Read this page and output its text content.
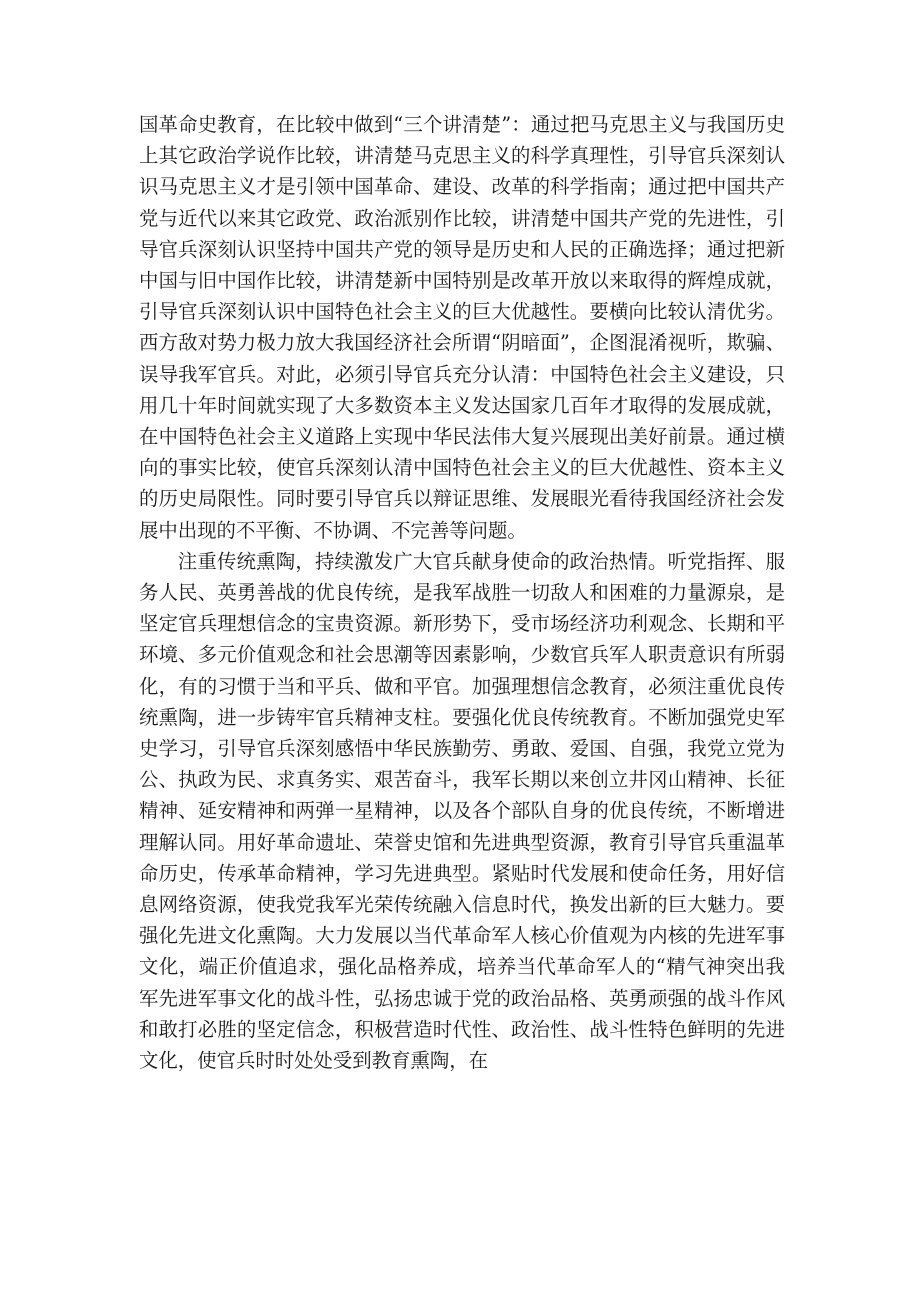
国革命史教育，在比较中做到“三个讲清楚”：通过把马克思主义与我国历史上其它政治学说作比较，讲清楚马克思主义的科学真理性，引导官兵深刻认识马克思主义才是引领中国革命、建设、改革的科学指南；通过把中国共产党与近代以来其它政党、政治派别作比较，讲清楚中国共产党的先进性，引导官兵深刻认识坚持中国共产党的领导是历史和人民的正确选择；通过把新中国与旧中国作比较，讲清楚新中国特别是改革开放以来取得的辉煌成就，引导官兵深刻认识中国特色社会主义的巨大优越性。要横向比较认清优劣。西方敌对势力极力放大我国经济社会所谓“阴暗面”，企图混淆视听，欺骗、误导我军官兵。对此，必须引导官兵充分认清：中国特色社会主义建设，只用几十年时间就实现了大多数资本主义发达国家几百年才取得的发展成就，在中国特色社会主义道路上实现中华民法伟大复兴展现出美好前景。通过横向的事实比较，使官兵深刻认清中国特色社会主义的巨大优越性、资本主义的历史局限性。同时要引导官兵以辩证思维、发展眼光看待我国经济社会发展中出现的不平衡、不协调、不完善等问题。

注重传统熏陶，持续激发广大官兵献身使命的政治热情。听党指挥、服务人民、英勇善战的优良传统，是我军战胜一切敌人和困难的力量源泉，是坚定官兵理想信念的宝贵资源。新形势下，受市场经济功利观念、长期和平环境、多元价值观念和社会思潮等因素影响，少数官兵军人职责意识有所弱化，有的习惯于当和平兵、做和平官。加强理想信念教育，必须注重优良传统熏陶，进一步铸牢官兵精神支柱。要强化优良传统教育。不断加强党史军史学习，引导官兵深刻感悟中华民族勤劳、勇敢、爱国、自强，我党立党为公、执政为民、求真务实、艰苦奋斗，我军长期以来创立井冈山精神、长征精神、延安精神和两弹一星精神，以及各个部队自身的优良传统，不断增进理解认同。用好革命遗址、荣誉史馆和先进典型资源，教育引导官兵重温革命历史，传承革命精神，学习先进典型。紧贴时代发展和使命任务，用好信息网络资源，使我党我军光荣传统融入信息时代，换发出新的巨大魅力。要强化先进文化熏陶。大力发展以当代革命军人核心价值观为内核的先进军事文化，端正价值追求，强化品格养成，培养当代革命军人的“精气神突出我军先进军事文化的战斗性，弘扬忠诚于党的政治品格、英勇顽强的战斗作风和敢打必胜的坚定信念，积极营造时代性、政治性、战斗性特色鲜明的先进文化，使官兵时时处处受到教育熏陶，在
